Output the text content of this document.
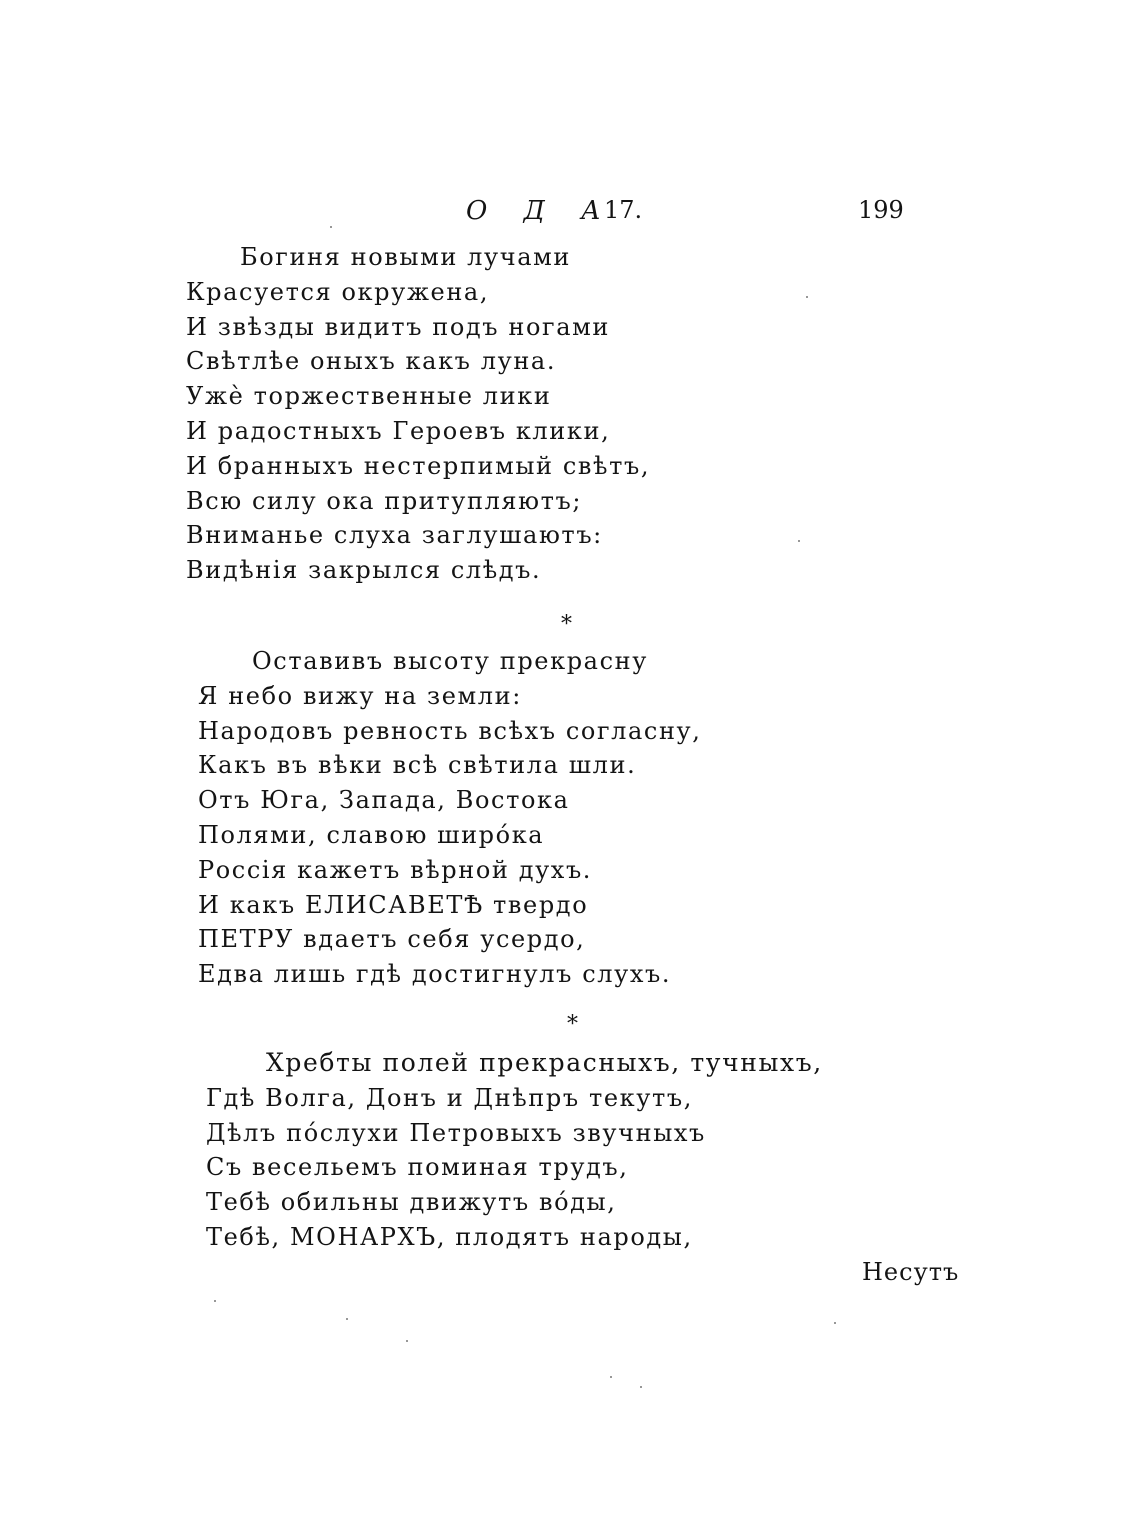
О Д А
17.	199
Богиня новыми лучами
Красуется окружена,
И звѣзды видитъ подъ ногами
Свѣтлѣе оныхъ какъ луна.
Ужѐ торжественные лики
И радостныхъ Героевъ клики,
И бранныхъ нестерпимый свѣтъ,
Всю силу ока притупляютъ;
Вниманье слуха заглушаютъ:
Видѣнія закрылся слѣдъ.
*
Оставивъ высоту прекрасну
Я небо вижу на земли:
Народовъ ревность всѣхъ согласну,
Какъ въ вѣки всѣ свѣтила шли.
Отъ Юга, Запада, Востока
Полями, славою широ́ка
Россія кажетъ вѣрной духъ.
И какъ ЕЛИСАВЕТѢ твердо
ПЕТРУ вдаетъ себя усердо,
Едва лишь гдѣ достигнулъ слухъ.
*
Хребты полей прекрасныхъ, тучныхъ,
Гдѣ Волга, Донъ и Днѣпръ текутъ,
Дѣлъ по́слухи Петровыхъ звучныхъ
Съ весельемъ поминая трудъ,
Тебѣ обильны движутъ во́ды,
Тебѣ, МОНАРХЪ, плодятъ народы,
Несутъ
